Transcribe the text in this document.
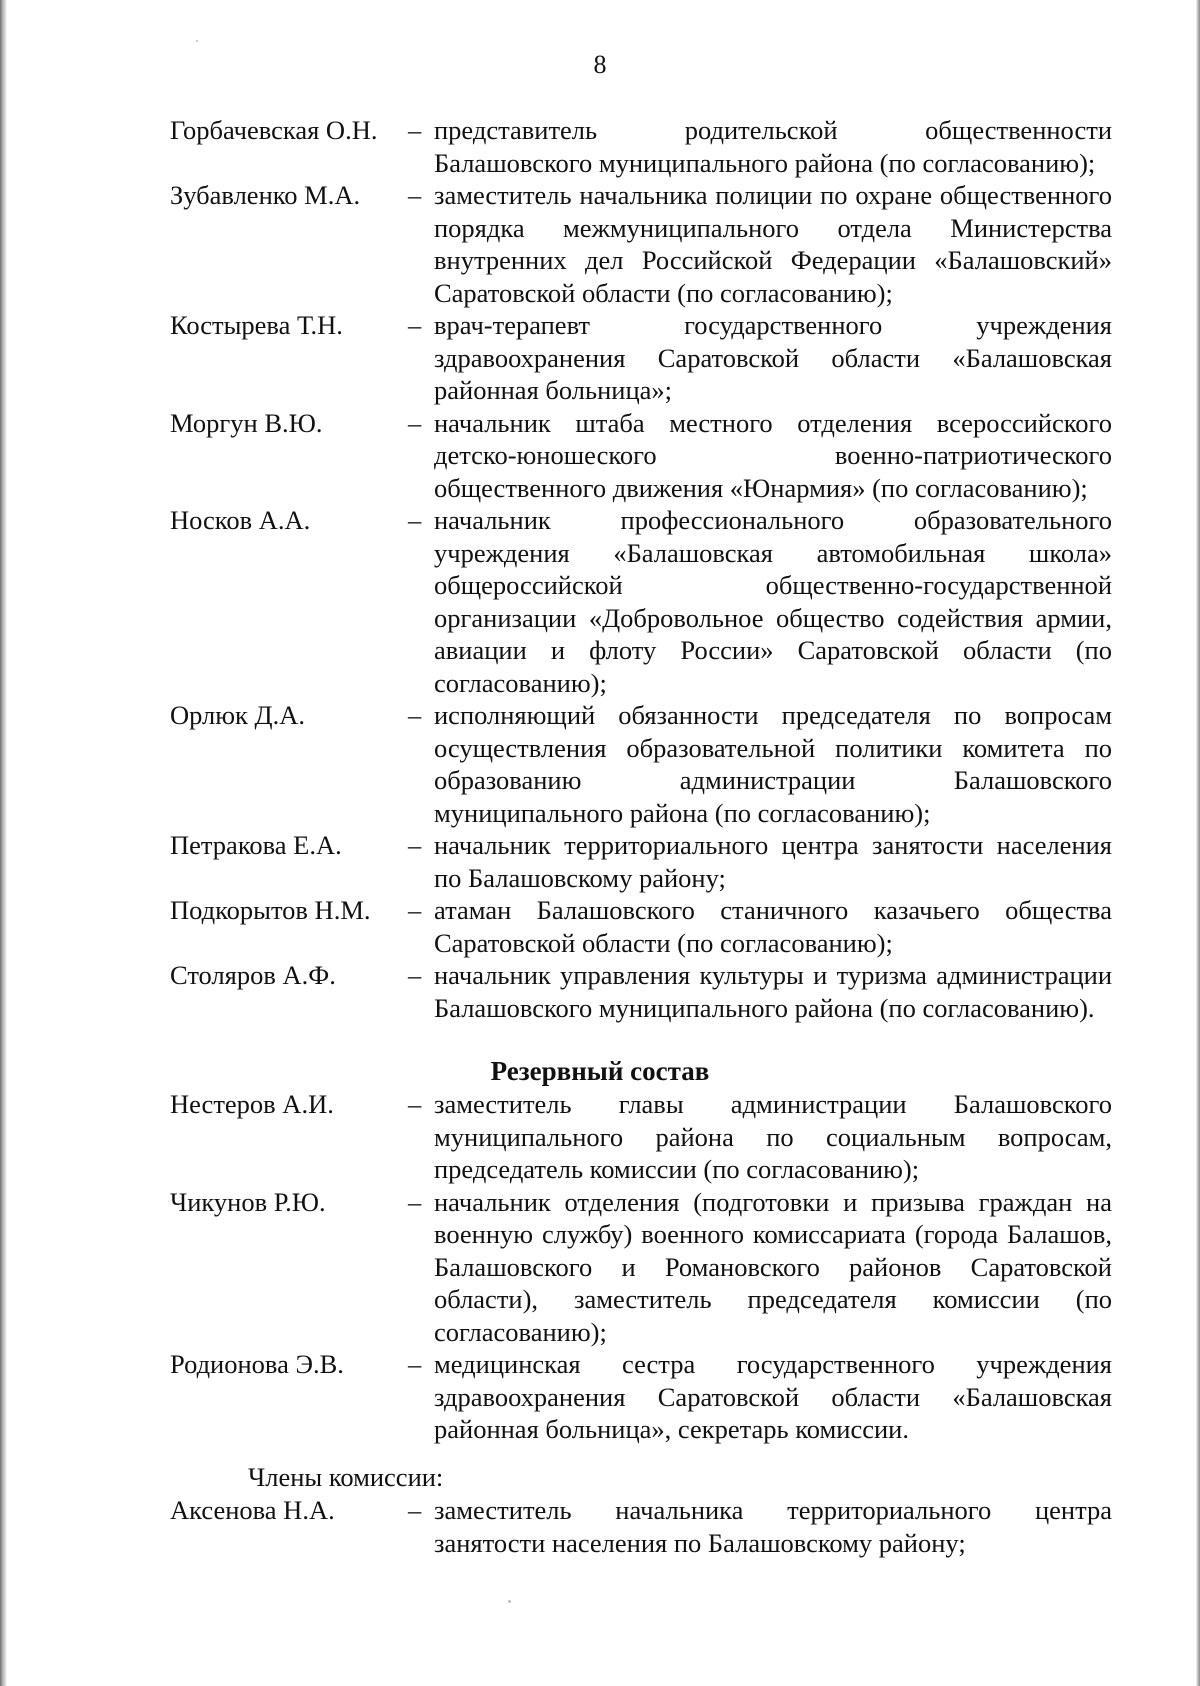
8
Горбачевская О.Н.	– представитель родительской общественности Балашовского муниципального района (по согласованию);
Зубавленко М.А.	– заместитель начальника полиции по охране общественного порядка межмуниципального отдела Министерства внутренних дел Российской Федерации «Балашовский» Саратовской области (по согласованию);
Костырева Т.Н.	– врач-терапевт государственного учреждения здравоохранения Саратовской области «Балашовская районная больница»;
Моргун В.Ю.	– начальник штаба местного отделения всероссийского детско-юношеского военно-патриотического общественного движения «Юнармия» (по согласованию);
Носков А.А.	– начальник профессионального образовательного учреждения «Балашовская автомобильная школа» общероссийской общественно-государственной организации «Добровольное общество содействия армии, авиации и флоту России» Саратовской области (по согласованию);
Орлюк Д.А.	– исполняющий обязанности председателя по вопросам осуществления образовательной политики комитета по образованию администрации Балашовского муниципального района (по согласованию);
Петракова Е.А.	– начальник территориального центра занятости населения по Балашовскому району;
Подкорытов Н.М.	– атаман Балашовского станичного казачьего общества Саратовской области (по согласованию);
Столяров А.Ф.	– начальник управления культуры и туризма администрации Балашовского муниципального района (по согласованию).
Резервный состав
Нестеров А.И.	– заместитель главы администрации Балашовского муниципального района по социальным вопросам, председатель комиссии (по согласованию);
Чикунов Р.Ю.	– начальник отделения (подготовки и призыва граждан на военную службу) военного комиссариата (города Балашов, Балашовского и Романовского районов Саратовской области), заместитель председателя комиссии (по согласованию);
Родионова Э.В.	– медицинская сестра государственного учреждения здравоохранения Саратовской области «Балашовская районная больница», секретарь комиссии.
Члены комиссии:
Аксенова Н.А.	– заместитель начальника территориального центра занятости населения по Балашовскому району;
